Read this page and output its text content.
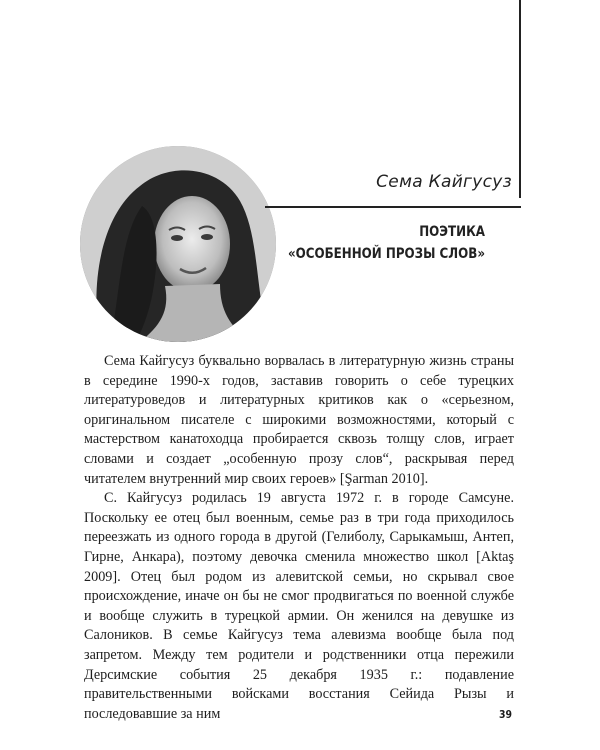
Сема Кайгусуз
ПОЭТИКА
«ОСОБЕННОЙ ПРОЗЫ СЛОВ»

Сема Кайгусуз буквально ворвалась в литературную жизнь страны в середине 1990-х годов, заставив говорить о себе турецких литературоведов и литературных критиков как о «серьезном, оригинальном писателе с широкими возможностями, который с мастерством канатоходца пробирается сквозь толщу слов, играет словами и создает „особенную прозу слов“, раскрывая перед читателем внутренний мир своих героев» [Şarman 2010].

С. Кайгусуз родилась 19 августа 1972 г. в городе Самсуне. Поскольку ее отец был военным, семье раз в три года приходилось переезжать из одного города в другой (Гелиболу, Сарыкамыш, Антеп, Гирне, Анкара), поэтому девочка сменила множество школ [Aktaş 2009]. Отец был родом из алевитской семьи, но скрывал свое происхождение, иначе он бы не смог продвигаться по военной службе и вообще служить в турецкой армии. Он женился на девушке из Салоников. В семье Кайгусуз тема алевизма вообще была под запретом. Между тем родители и родственники отца пережили Дерсимские события 25 декабря 1935 г.: подавление правительственными войсками восстания Сейида Рызы и последовавшие за ним	39
